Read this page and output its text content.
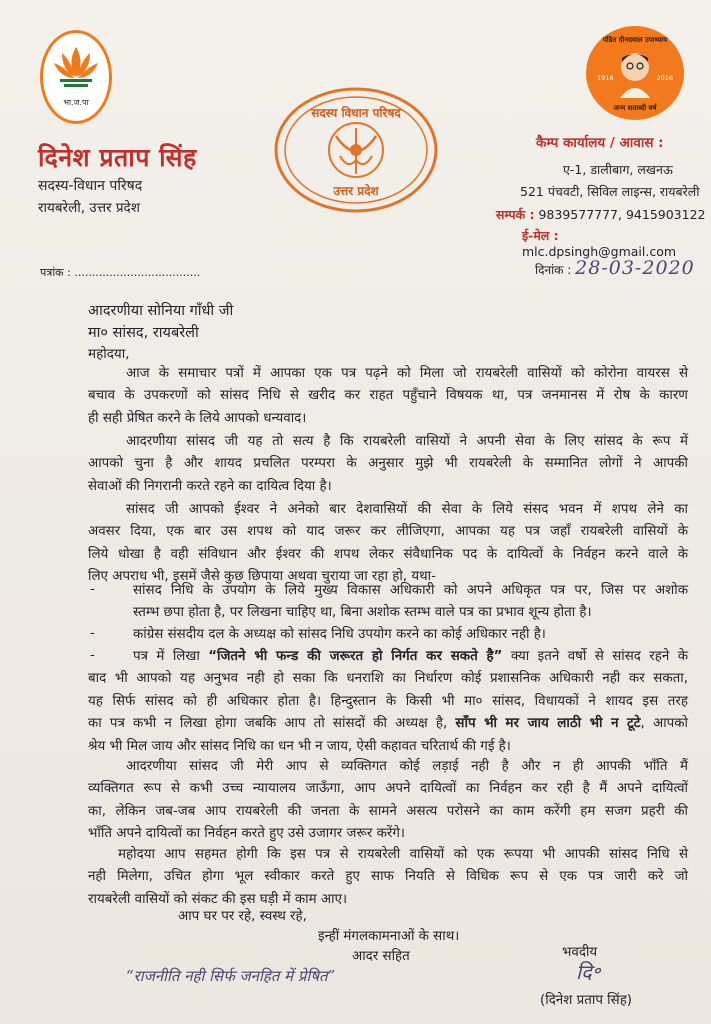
भा.ज.पा
दिनेश प्रताप सिंह
सदस्य-विधान परिषद
रायबरेली, उत्तर प्रदेश
सदस्य विधान परिषद
उत्तर प्रदेश
पंडित दीनदयाल उपाध्याय
1916	2016
जन्म शताब्दी वर्ष
कैम्प कार्यालय / आवास :
ए-1, डालीबाग, लखनऊ
521 पंचवटी, सिविल लाइन्स, रायबरेली
सम्पर्क : 9839577777, 9415903122
ई-मेल : mlc.dpsingh@gmail.com
पत्रांक : ....................................	दिनांक : 28-03-2020
आदरणीया सोनिया गाँधी जी
मा० सांसद, रायबरेली
महोदया,
आज के समाचार पत्रों में आपका एक पत्र पढ़ने को मिला जो रायबरेली वासियों को कोरोना वायरस से
बचाव के उपकरणों को सांसद निधि से खरीद कर राहत पहुँचाने विषयक था, पत्र जनमानस में रोष के कारण
ही सही प्रेषित करने के लिये आपको धन्यवाद।
आदरणीया सांसद जी यह तो सत्य है कि रायबरेली वासियों ने अपनी सेवा के लिए सांसद के रूप में
आपको चुना है और शायद प्रचलित परम्परा के अनुसार मुझे भी रायबरेली के सम्मानित लोगों ने आपकी
सेवाओं की निगरानी करते रहने का दायित्व दिया है।
सांसद जी आपको ईश्वर ने अनेको बार देशवासियों की सेवा के लिये संसद भवन में शपथ लेने का
अवसर दिया, एक बार उस शपथ को याद जरूर कर लीजिएगा, आपका यह पत्र जहाँ रायबरेली वासियों के
लिये धोखा है वही संविधान और ईश्वर की शपथ लेकर संवैधानिक पद के दायित्वों के निर्वहन करने वाले के
लिए अपराध भी, इसमें जैसे कुछ छिपाया अथवा चुराया जा रहा हो, यथा-
-	सांसद निधि के उपयोग के लिये मुख्य विकास अधिकारी को अपने अधिकृत पत्र पर, जिस पर अशोक
स्तम्भ छपा होता है, पर लिखना चाहिए था, बिना अशोक स्तम्भ वाले पत्र का प्रभाव शून्य होता है।
-	कांग्रेस संसदीय दल के अध्यक्ष को सांसद निधि उपयोग करने का कोई अधिकार नही है।
-	पत्र में लिखा “जितने भी फन्ड की जरूरत हो निर्गत कर सकते है” क्या इतने वर्षो से सांसद रहने के
बाद भी आपको यह अनुभव नही हो सका कि धनराशि का निर्धारण कोई प्रशासनिक अधिकारी नही कर सकता,
यह सिर्फ सांसद को ही अधिकार होता है। हिन्दुस्तान के किसी भी मा० सांसद, विधायकों ने शायद इस तरह
का पत्र कभी न लिखा होगा जबकि आप तो सांसदों की अध्यक्ष है, साँप भी मर जाय लाठी भी न टूटे, आपको
श्रेय भी मिल जाय और सांसद निधि का धन भी न जाय, ऐसी कहावत चरितार्थ की गई है।
आदरणीया सांसद जी मेरी आप से व्यक्तिगत कोई लड़ाई नही है और न ही आपकी भाँति मैं
व्यक्तिगत रूप से कभी उच्च न्यायालय जाऊँगा, आप अपने दायित्वों का निर्वहन कर रही है मैं अपने दायित्वों
का, लेकिन जब-जब आप रायबरेली की जनता के सामने असत्य परोसने का काम करेंगी हम सजग प्रहरी की
भाँति अपने दायित्वों का निर्वहन करते हुए उसे उजागर जरूर करेंगे।
महोदया आप सहमत होगी कि इस पत्र से रायबरेली वासियों को एक रूपया भी आपकी सांसद निधि से
नही मिलेगा, उचित होगा भूल स्वीकार करते हुए साफ नियति से विधिक रूप से एक पत्र जारी करे जो
रायबरेली वासियों को संकट की इस घड़ी में काम आए।
आप घर पर रहे, स्वस्थ रहे,
इन्हीं मंगलकामनाओं के साथ।
आदर सहित	भवदीय
“राजनीति नही सिर्फ जनहित में प्रेषित”	दि॰
(दिनेश प्रताप सिंह)
